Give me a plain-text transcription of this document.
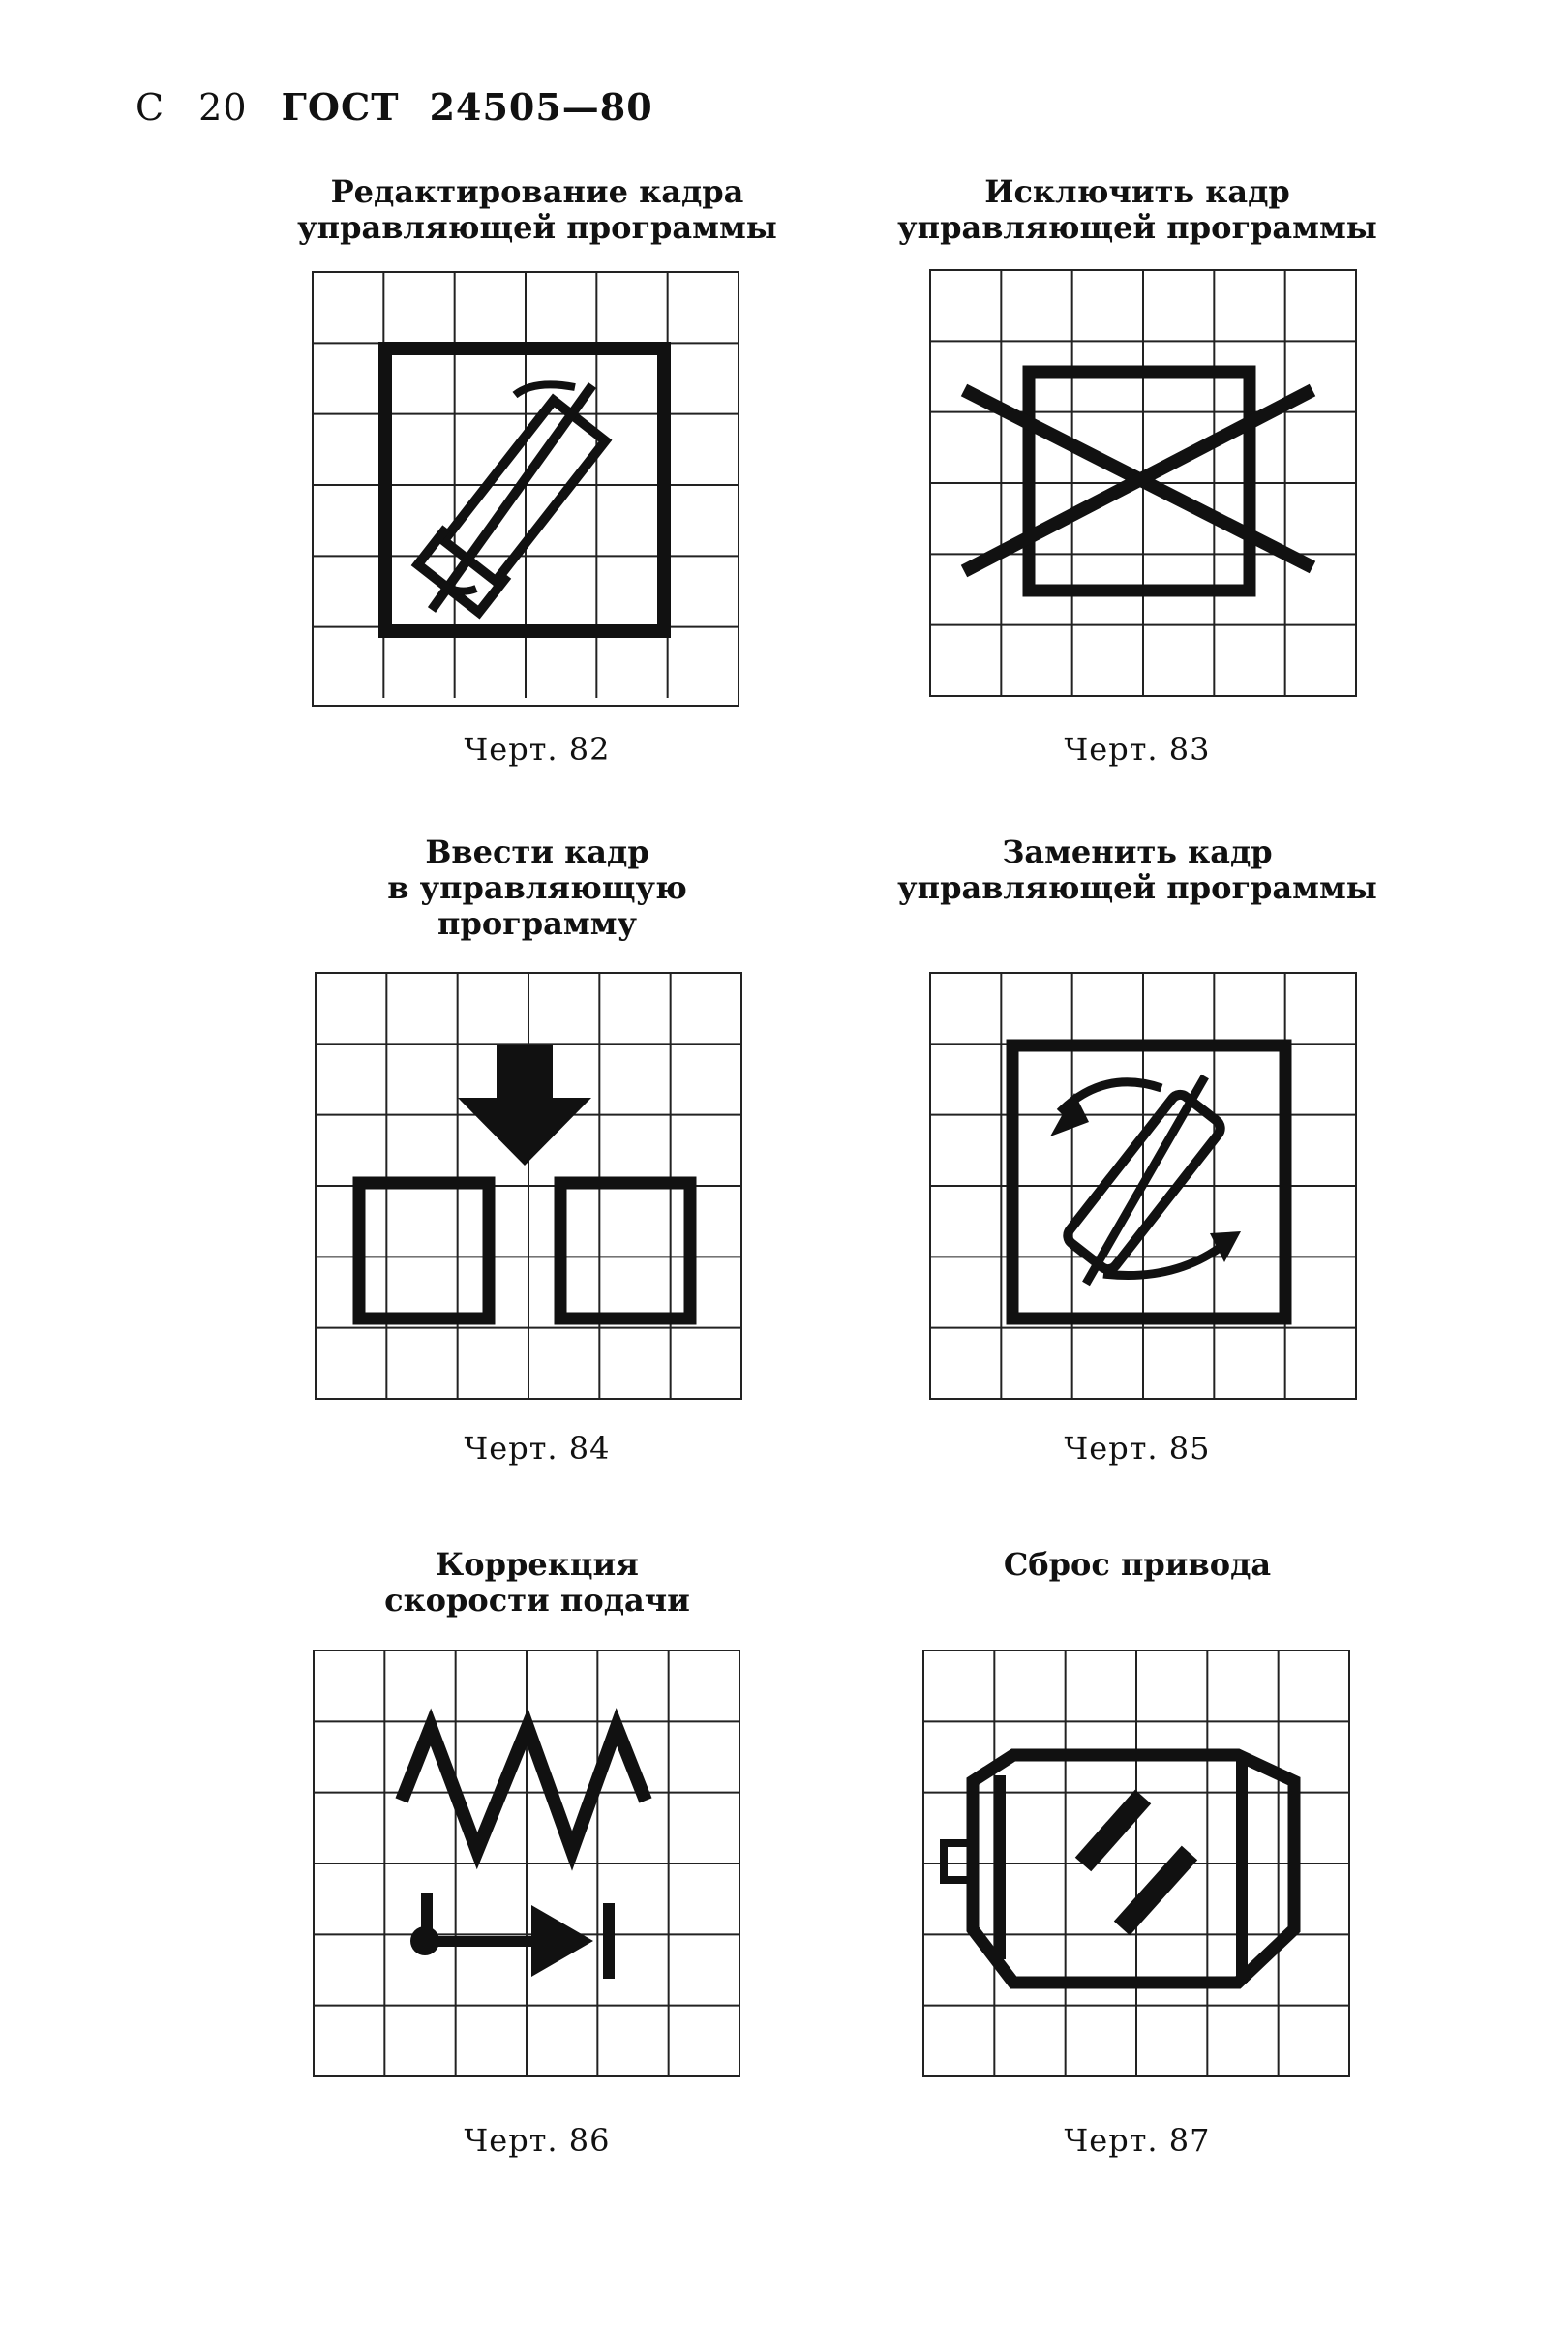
С 20 ГОСТ 24505—80
Редактирование кадра
управляющей программы
Черт. 82
Исключить кадр
управляющей программы
Черт. 83
Ввести кадр
в управляющую
программу
Черт. 84
Заменить кадр
управляющей программы
Черт. 85
Коррекция
скорости подачи
Черт. 86
Сброс привода
Черт. 87
